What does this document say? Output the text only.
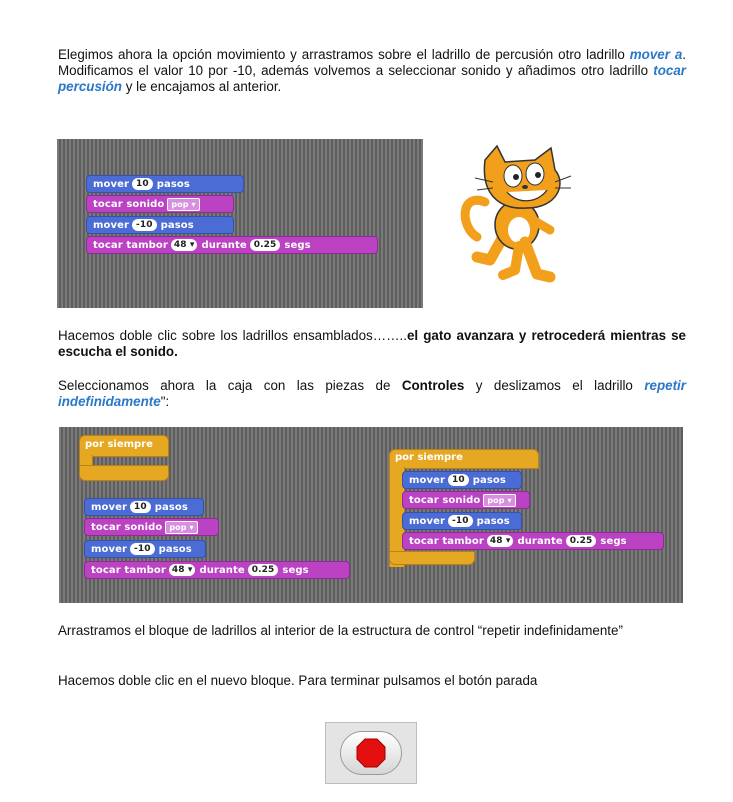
Elegimos ahora la opción movimiento y arrastramos sobre el ladrillo de percusión otro ladrillo mover a. Modificamos el valor 10 por -10, además volvemos a seleccionar sonido y añadimos otro ladrillo tocar percusión y le encajamos al anterior.

mover 10 pasos
tocar sonido pop ▾
mover -10 pasos
tocar tambor 48 ▾ durante 0.25 segs

Hacemos doble clic sobre los ladrillos ensamblados……..el gato avanzara y retrocederá mientras se escucha el sonido.

Seleccionamos ahora la caja con las piezas de Controles y deslizamos el ladrillo repetir indefinidamente":

por siempre
mover 10 pasos
tocar sonido pop ▾
mover -10 pasos
tocar tambor 48 ▾ durante 0.25 segs
por siempre
mover 10 pasos
tocar sonido pop ▾
mover -10 pasos
tocar tambor 48 ▾ durante 0.25 segs

Arrastramos el bloque de ladrillos al interior de la estructura de control “repetir indefinidamente”

Hacemos doble clic en el nuevo bloque. Para terminar pulsamos el botón parada
